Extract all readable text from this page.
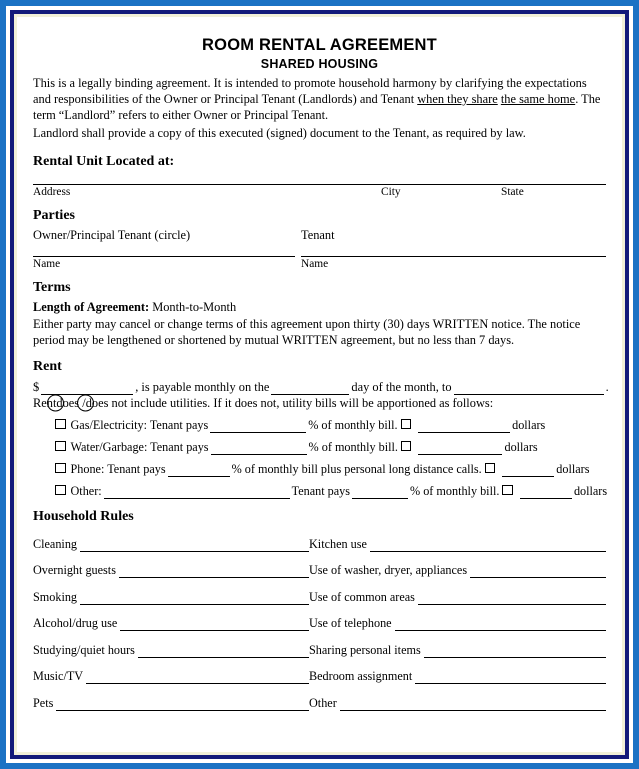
ROOM RENTAL AGREEMENT
SHARED HOUSING

This is a legally binding agreement. It is intended to promote household harmony by clarifying the expectations and responsibilities of the Owner or Principal Tenant (Landlords) and Tenant when they share the same home. The term “Landlord” refers to either Owner or Principal Tenant.

Landlord shall provide a copy of this executed (signed) document to the Tenant, as required by law.

Rental Unit Located at:
Address	City	State
Parties
Owner/Principal Tenant (circle)	Tenant
Name	Name
Terms
Length of Agreement: Month-to-Month

Either party may cancel or change terms of this agreement upon thirty (30) days WRITTEN notice. The notice period may be lengthened or shortened by mutual WRITTEN agreement, but no less than 7 days.

Rent
$	, is payable monthly on the	day of the month, to	.
Rent
does /
does not include utilities. If it does not, utility bills will be apportioned as follows:
Gas/Electricity: Tenant pays	% of monthly bill.	dollars
Water/Garbage: Tenant pays	% of monthly bill.	dollars
Phone: Tenant pays	% of monthly bill plus personal long distance calls.	dollars
Other:	Tenant pays	% of monthly bill.	dollars
Household Rules
Cleaning	Kitchen use
Overnight guests	Use of washer, dryer, appliances
Smoking	Use of common areas
Alcohol/drug use	Use of telephone
Studying/quiet hours	Sharing personal items
Music/TV	Bedroom assignment
Pets	Other
